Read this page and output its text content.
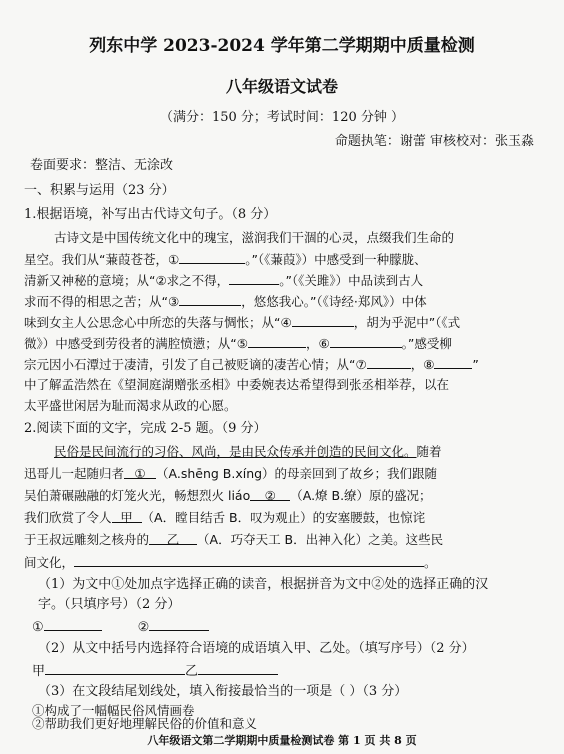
列东中学 2023-2024 学年第二学期期中质量检测
八年级语文试卷
（满分：150 分；考试时间：120 分钟 ）
命题执笔：谢蕾 审核校对：张玉淼
卷面要求：整洁、无涂改
一、积累与运用（23 分）
1.根据语境，补写出古代诗文句子。（8 分）
古诗文是中国传统文化中的瑰宝，滋润我们干涸的心灵，点缀我们生命的
星空。我们从“蒹葭苍苍，①	。”（《蒹葭》）中感受到一种朦胧、
清新又神秘的意境；从“②求之不得，	。”（《关雎》）中品读到古人
求而不得的相思之苦；从“③	，悠悠我心。”（《诗经·郑风》）中体
味到女主人公思念心中所恋的失落与惆怅；从“④	，胡为乎泥中”（《式
微》）中感受到劳役者的满腔愤懑；从“⑤	，⑥	。”感受柳
宗元因小石潭过于凄清，引发了自己被贬谪的凄苦心情；从“⑦	，⑧	”
中了解孟浩然在《望洞庭湖赠张丞相》中委婉表达希望得到张丞相举荐，以在
太平盛世闲居为耻而渴求从政的心愿。
2.阅读下面的文字，完成 2-5 题。（9 分）
民俗是民间流行的习俗、风尚，是由民众传承并创造的民间文化。随着
迅哥儿一起随归者 ① （A.shēng B.xíng）的母亲回到了故乡；我们跟随
吴伯萧碾融融的灯笼火光，畅想烈火 liáo ② （A.燎 B.缭）原的盛况；
我们欣赏了令人 甲 （A．瞠目结舌 B．叹为观止）的安塞腰鼓，也惊诧
于王叔远雕刻之核舟的 乙 （A．巧夺天工 B．出神入化）之美。这些民
间文化，	。
（1）为文中①处加点字选择正确的读音，根据拼音为文中②处的选择正确的汉
字。（只填序号）（2 分）
①	②
（2）从文中括号内选择符合语境的成语填入甲、乙处。（填写序号）（2 分）
甲	乙
（3）在文段结尾划线处，填入衔接最恰当的一项是（ ）（3 分）
①构成了一幅幅民俗风情画卷
②帮助我们更好地理解民俗的价值和意义
八年级语文第二学期期中质量检测试卷 第 1 页 共 8 页
